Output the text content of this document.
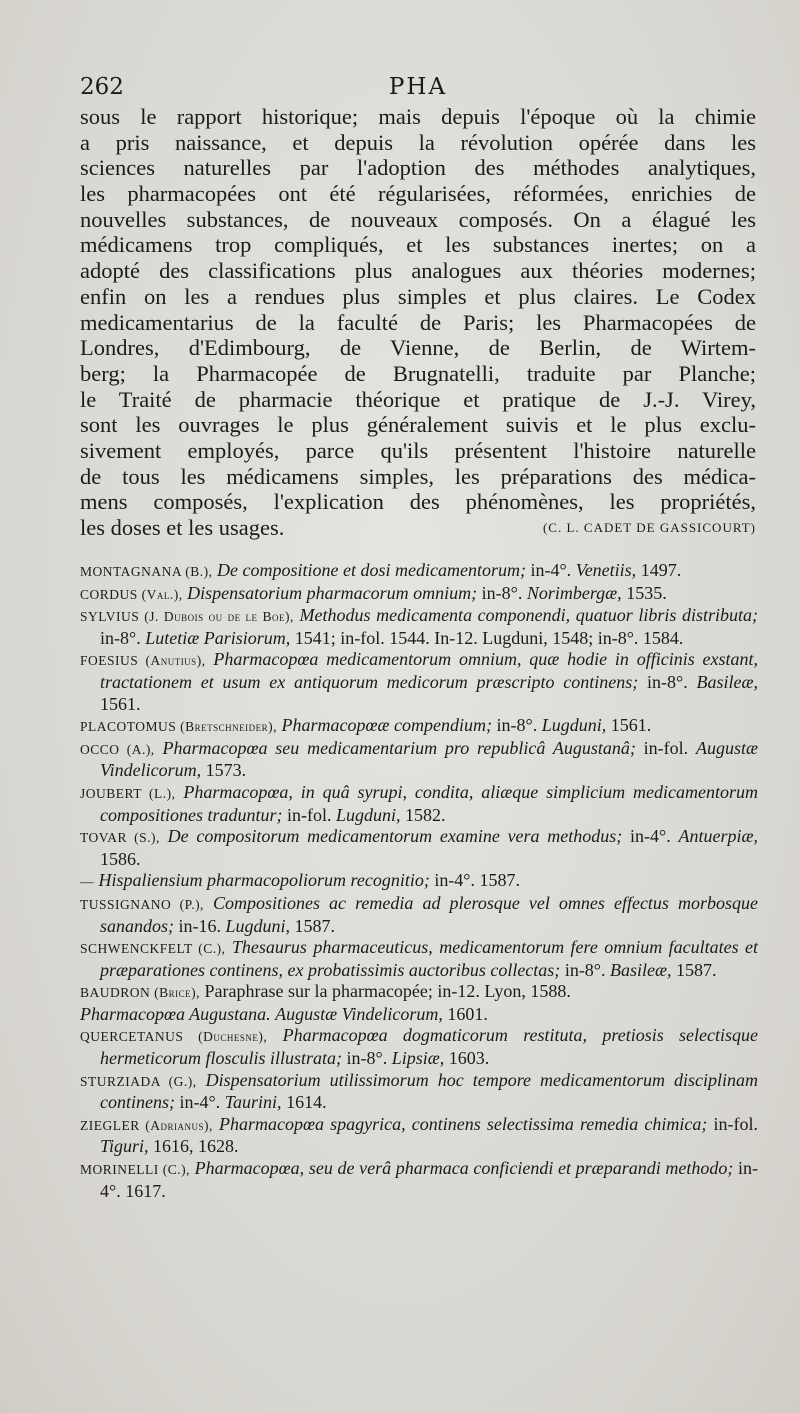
262	PHA
sous le rapport historique; mais depuis l'époque où la chimie
a pris naissance, et depuis la révolution opérée dans les
sciences naturelles par l'adoption des méthodes analytiques,
les pharmacopées ont été régularisées, réformées, enrichies de
nouvelles substances, de nouveaux composés. On a élagué les
médicamens trop compliqués, et les substances inertes; on a
adopté des classifications plus analogues aux théories modernes;
enfin on les a rendues plus simples et plus claires. Le Codex
medicamentarius de la faculté de Paris; les Pharmacopées de
Londres, d'Edimbourg, de Vienne, de Berlin, de Wirtem-
berg; la Pharmacopée de Brugnatelli, traduite par Planche;
le Traité de pharmacie théorique et pratique de J.-J. Virey,
sont les ouvrages le plus généralement suivis et le plus exclu-
sivement employés, parce qu'ils présentent l'histoire naturelle
de tous les médicamens simples, les préparations des médica-
mens composés, l'explication des phénomènes, les propriétés,
les doses et les usages.	(C. L. CADET DE GASSICOURT)
MONTAGNANA (B.), De compositione et dosi medicamentorum; in-4°. Venetiis, 1497.
CORDUS (Val.), Dispensatorium pharmacorum omnium; in-8°. Norimbergæ, 1535.
SYLVIUS (J. Dubois ou de le Boe), Methodus medicamenta componendi, quatuor libris distributa; in-8°. Lutetiæ Parisiorum, 1541; in-fol. 1544. In-12. Lugduni, 1548; in-8°. 1584.
FOESIUS (Anutius), Pharmacopœa medicamentorum omnium, quæ hodie in officinis exstant, tractationem et usum ex antiquorum medicorum præscripto continens; in-8°. Basileæ, 1561.
PLACOTOMUS (Bretschneider), Pharmacopœæ compendium; in-8°. Lugduni, 1561.
OCCO (A.), Pharmacopœa seu medicamentarium pro republicâ Augustanâ; in-fol. Augustæ Vindelicorum, 1573.
JOUBERT (L.), Pharmacopœa, in quâ syrupi, condita, aliæque simplicium medicamentorum compositiones traduntur; in-fol. Lugduni, 1582.
TOVAR (S.), De compositorum medicamentorum examine vera methodus; in-4°. Antuerpiæ, 1586.
— Hispaliensium pharmacopoliorum recognitio; in-4°. 1587.
TUSSIGNANO (P.), Compositiones ac remedia ad plerosque vel omnes effectus morbosque sanandos; in-16. Lugduni, 1587.
SCHWENCKFELT (C.), Thesaurus pharmaceuticus, medicamentorum fere omnium facultates et præparationes continens, ex probatissimis auctoribus collectas; in-8°. Basileæ, 1587.
BAUDRON (Brice), Paraphrase sur la pharmacopée; in-12. Lyon, 1588.
Pharmacopœa Augustana. Augustæ Vindelicorum, 1601.
QUERCETANUS (Duchesne), Pharmacopœa dogmaticorum restituta, pretiosis selectisque hermeticorum flosculis illustrata; in-8°. Lipsiæ, 1603.
STURZIADA (G.), Dispensatorium utilissimorum hoc tempore medicamentorum disciplinam continens; in-4°. Taurini, 1614.
ZIEGLER (Adrianus), Pharmacopœa spagyrica, continens selectissima remedia chimica; in-fol. Tiguri, 1616, 1628.
MORINELLI (C.), Pharmacopœa, seu de verâ pharmaca conficiendi et præparandi methodo; in-4°. 1617.
